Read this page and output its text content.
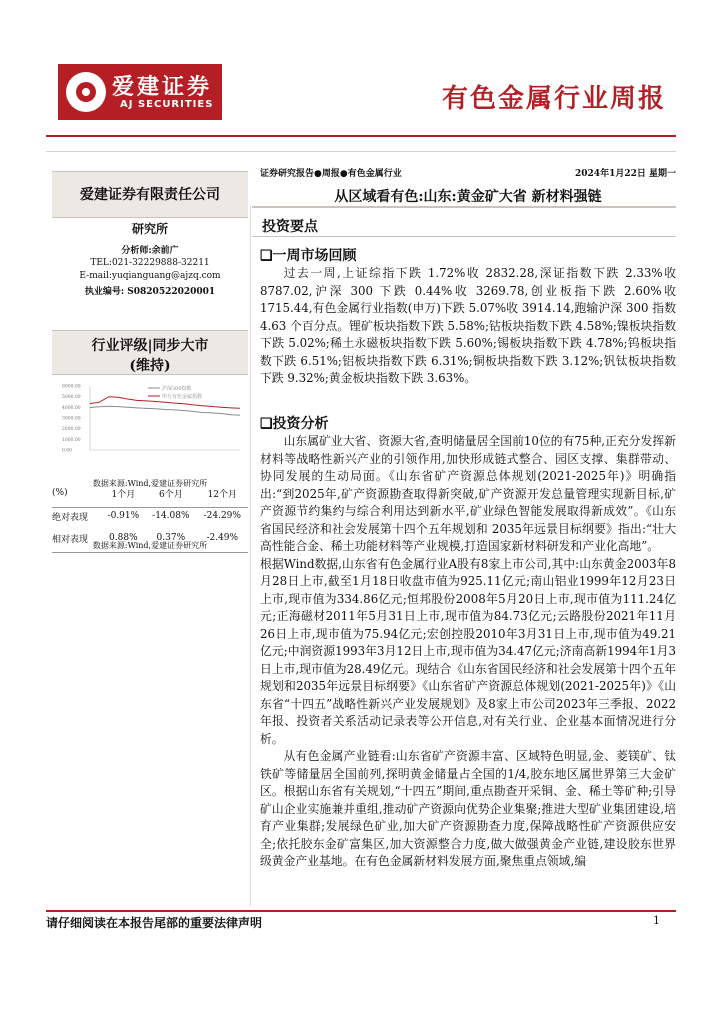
爱建证券
AJ SECURITIES	有色金属行业周报
爱建证券有限责任公司
研究所
分析师:余前广
TEL:021-32229888-32211
E-mail:yuqianguang@ajzq.com
执业编号: S0820522020001
行业评级|同步大市
(维持)
6000.00
5000.00
4000.00
3000.00
2000.00
1000.00
0.00
沪深300指数
申万有色金属指数
数据来源:Wind,爱建证券研究所
(%)	1个月	6个月	12个月

绝对表现	-0.91%	-14.08%	-24.29%

相对表现	0.88%	0.37%	-2.49%

数据来源:Wind,爱建证券研究所
证券研究报告●周报●有色金属行业	2024年1月22日 星期一
从区域看有色:山东:黄金矿大省 新材料强链
投资要点
❑一周市场回顾

过去一周,上证综指下跌 1.72%收 2832.28,深证指数下跌 2.33%收 8787.02,沪深 300 下跌 0.44%收 3269.78,创业板指下跌 2.60%收 1715.44,有色金属行业指数(申万)下跌 5.07%收 3914.14,跑输沪深 300 指数 4.63 个百分点。锂矿板块指数下跌 5.58%;钴板块指数下跌 4.58%;镍板块指数下跌 5.02%;稀土永磁板块指数下跌 5.60%;锡板块指数下跌 4.78%;钨板块指数下跌 6.51%;铝板块指数下跌 6.31%;铜板块指数下跌 3.12%;钒钛板块指数下跌 9.32%;黄金板块指数下跌 3.63%。

❑投资分析

山东属矿业大省、资源大省,查明储量居全国前10位的有75种,正充分发挥新材料等战略性新兴产业的引领作用,加快形成链式整合、园区支撑、集群带动、协同发展的生动局面。《山东省矿产资源总体规划(2021-2025年)》明确指出:“到2025年,矿产资源勘查取得新突破,矿产资源开发总量管理实现新目标,矿产资源节约集约与综合利用达到新水平,矿业绿色智能发展取得新成效”。《山东省国民经济和社会发展第十四个五年规划和 2035年远景目标纲要》指出:“壮大高性能合金、稀土功能材料等产业规模,打造国家新材料研发和产业化高地”。

根据Wind数据,山东省有色金属行业A股有8家上市公司,其中:山东黄金2003年8月28日上市,截至1月18日收盘市值为925.11亿元;南山铝业1999年12月23日上市,现市值为334.86亿元;恒邦股份2008年5月20日上市,现市值为111.24亿元;正海磁材2011年5月31日上市,现市值为84.73亿元;云路股份2021年11月26日上市,现市值为75.94亿元;宏创控股2010年3月31日上市,现市值为49.21亿元;中润资源1993年3月12日上市,现市值为34.47亿元;济南高新1994年1月3日上市,现市值为28.49亿元。现结合《山东省国民经济和社会发展第十四个五年规划和2035年远景目标纲要》《山东省矿产资源总体规划(2021-2025年)》《山东省“十四五”战略性新兴产业发展规划》及8家上市公司2023年三季报、2022年报、投资者关系活动记录表等公开信息,对有关行业、企业基本面情况进行分析。

从有色金属产业链看:山东省矿产资源丰富、区域特色明显,金、菱镁矿、钛铁矿等储量居全国前列,探明黄金储量占全国的1/4,胶东地区属世界第三大金矿区。根据山东省有关规划,“十四五”期间,重点勘查开采铜、金、稀土等矿种;引导矿山企业实施兼并重组,推动矿产资源向优势企业集聚;推进大型矿业集团建设,培育产业集群;发展绿色矿业,加大矿产资源勘查力度,保障战略性矿产资源供应安全;依托胶东金矿富集区,加大资源整合力度,做大做强黄金产业链,建设胶东世界级黄金产业基地。在有色金属新材料发展方面,聚焦重点领域,编

请仔细阅读在本报告尾部的重要法律声明	1
